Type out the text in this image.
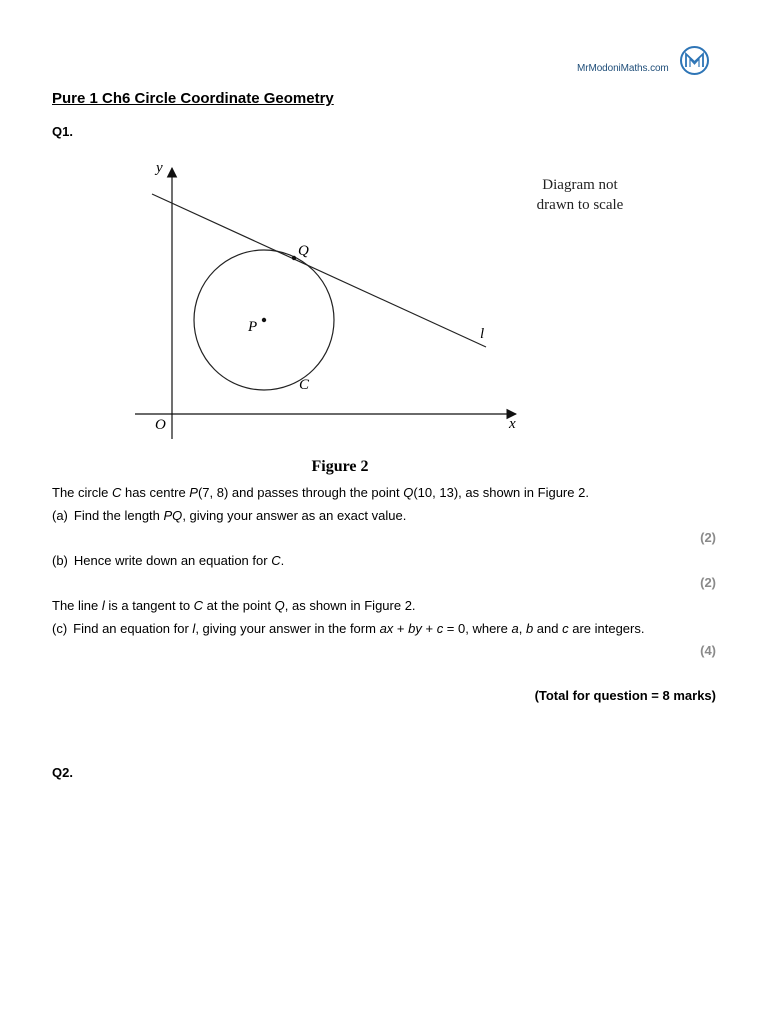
MrModoniMaths.com
Pure 1 Ch6 Circle Coordinate Geometry
Q1.
y
x
O
P
Q
C
l
Diagram not
drawn to scale
Figure 2
The circle C has centre P(7, 8) and passes through the point Q(10, 13), as shown in Figure 2.
(a) Find the length PQ, giving your answer as an exact value.
(2)
(b) Hence write down an equation for C.
(2)
The line l is a tangent to C at the point Q, as shown in Figure 2.
(c) Find an equation for l, giving your answer in the form ax + by + c = 0, where a, b and c are integers.
(4)
(Total for question = 8 marks)
Q2.
